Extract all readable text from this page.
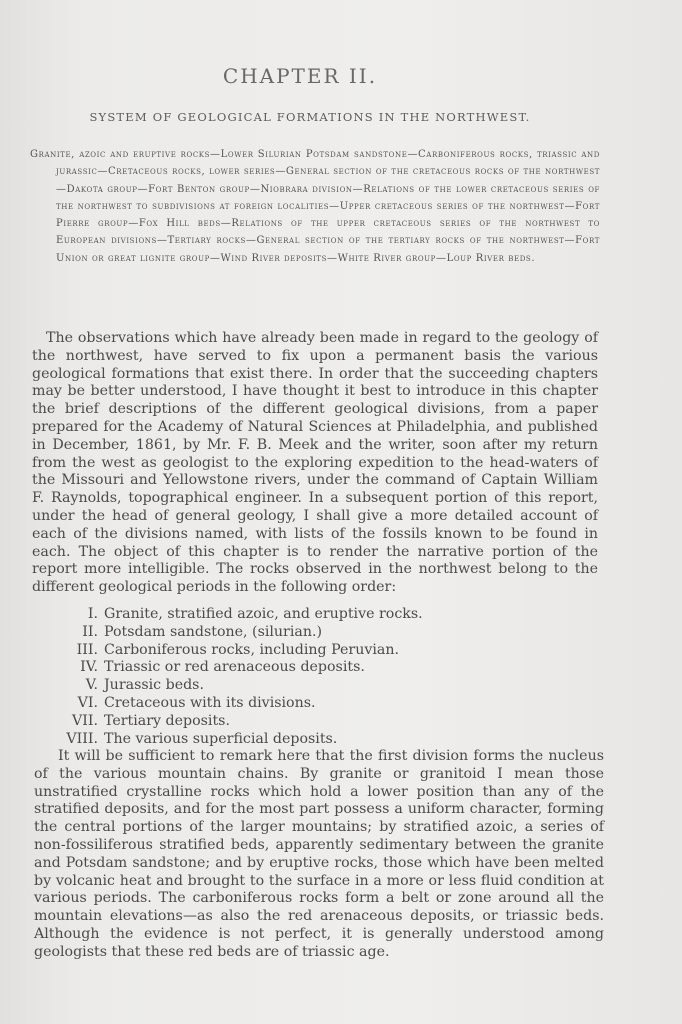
CHAPTER II.
SYSTEM OF GEOLOGICAL FORMATIONS IN THE NORTHWEST.
Granite, azoic and eruptive rocks—Lower Silurian Potsdam sandstone—Carboniferous rocks, triassic and jurassic—Cretaceous rocks, lower series—General section of the cretaceous rocks of the northwest—Dakota group—Fort Benton group—Niobrara division—Relations of the lower cretaceous series of the northwest to subdivisions at foreign localities—Upper cretaceous series of the northwest—Fort Pierre group—Fox Hill beds—Relations of the upper cretaceous series of the northwest to European divisions—Tertiary rocks—General section of the tertiary rocks of the northwest—Fort Union or great lignite group—Wind River deposits—White River group—Loup River beds.
The observations which have already been made in regard to the geology of the northwest, have served to fix upon a permanent basis the various geological formations that exist there. In order that the succeeding chapters may be better understood, I have thought it best to introduce in this chapter the brief descriptions of the different geological divisions, from a paper prepared for the Academy of Natural Sciences at Philadelphia, and published in December, 1861, by Mr. F. B. Meek and the writer, soon after my return from the west as geologist to the exploring expedition to the head-waters of the Missouri and Yellowstone rivers, under the command of Captain William F. Raynolds, topographical engineer. In a subsequent portion of this report, under the head of general geology, I shall give a more detailed account of each of the divisions named, with lists of the fossils known to be found in each. The object of this chapter is to render the narrative portion of the report more intelligible. The rocks observed in the northwest belong to the different geological periods in the following order:
I. Granite, stratified azoic, and eruptive rocks.
II. Potsdam sandstone, (silurian.)
III. Carboniferous rocks, including Peruvian.
IV. Triassic or red arenaceous deposits.
V. Jurassic beds.
VI. Cretaceous with its divisions.
VII. Tertiary deposits.
VIII. The various superficial deposits.
It will be sufficient to remark here that the first division forms the nucleus of the various mountain chains. By granite or granitoid I mean those unstratified crystalline rocks which hold a lower position than any of the stratified deposits, and for the most part possess a uniform character, forming the central portions of the larger mountains; by stratified azoic, a series of non-fossiliferous stratified beds, apparently sedimentary between the granite and Potsdam sandstone; and by eruptive rocks, those which have been melted by volcanic heat and brought to the surface in a more or less fluid condition at various periods. The carboniferous rocks form a belt or zone around all the mountain elevations—as also the red arenaceous deposits, or triassic beds. Although the evidence is not perfect, it is generally understood among geologists that these red beds are of triassic age.
